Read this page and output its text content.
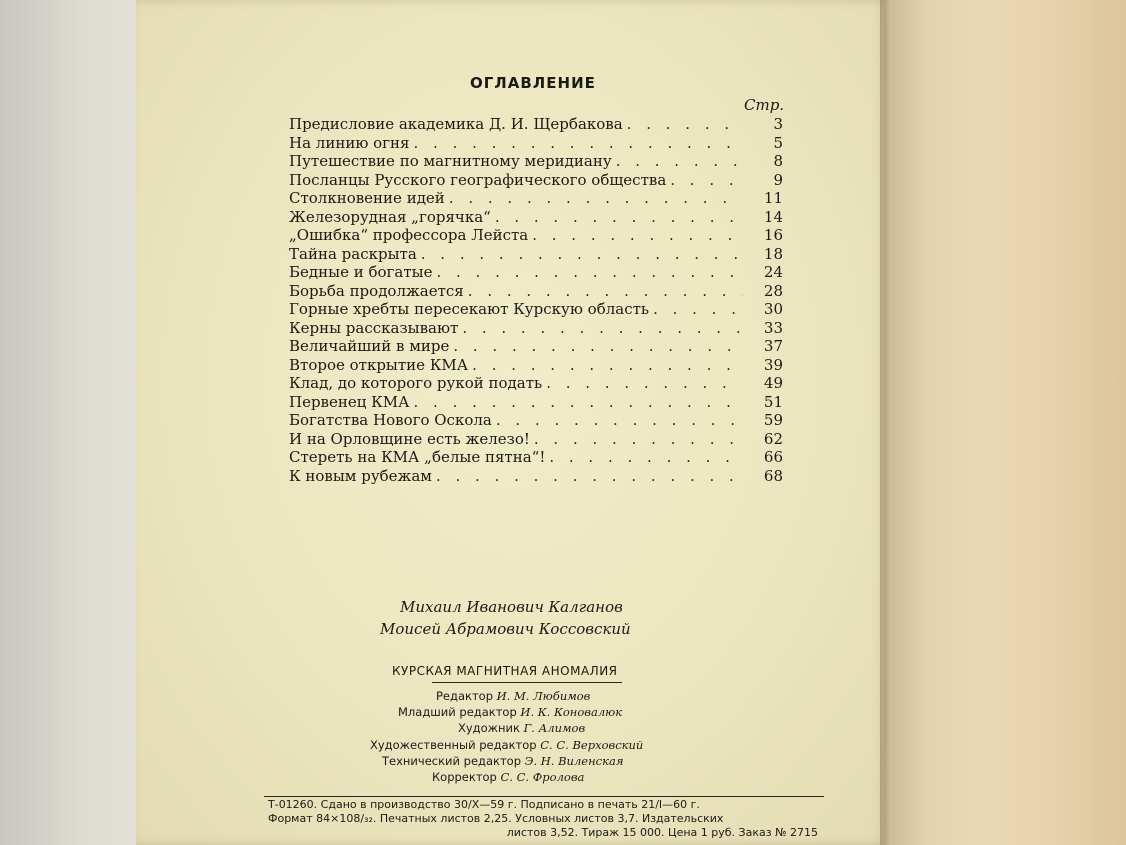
ОГЛАВЛЕНИЕ
Стр.
Предисловие академика Д. И. Щербакова . . .	3
На линию огня . . .	5
Путешествие по магнитному меридиану . . .	8
Посланцы Русского географического общества . . .	9
Столкновение идей . . .	11
Железорудная „горячка“ . . .	14
„Ошибка“ профессора Лейста . . .	16
Тайна раскрыта . . .	18
Бедные и богатые . . .	24
Борьба продолжается . . .	28
Горные хребты пересекают Курскую область . . .	30
Керны рассказывают . . .	33
Величайший в мире . . .	37
Второе открытие КМА . . .	39
Клад, до которого рукой подать . . .	49
Первенец КМА . . .	51
Богатства Нового Оскола . . .	59
И на Орловщине есть железо! . . .	62
Стереть на КМА „белые пятна“! . . .	66
К новым рубежам . . .	68
Михаил Иванович Калганов
Моисей Абрамович Коссовский
КУРСКАЯ МАГНИТНАЯ АНОМАЛИЯ
Редактор И. М. Любимов
Младший редактор И. К. Коновалюк
Художник Г. Алимов
Художественный редактор С. С. Верховский
Технический редактор Э. Н. Виленская
Корректор С. С. Фролова
Т-01260. Сдано в производство 30/X—59 г. Подписано в печать 21/I—60 г.
Формат 84×108/₃₂. Печатных листов 2,25. Условных листов 3,7. Издательских
листов 3,52. Тираж 15 000. Цена 1 руб. Заказ № 2715
